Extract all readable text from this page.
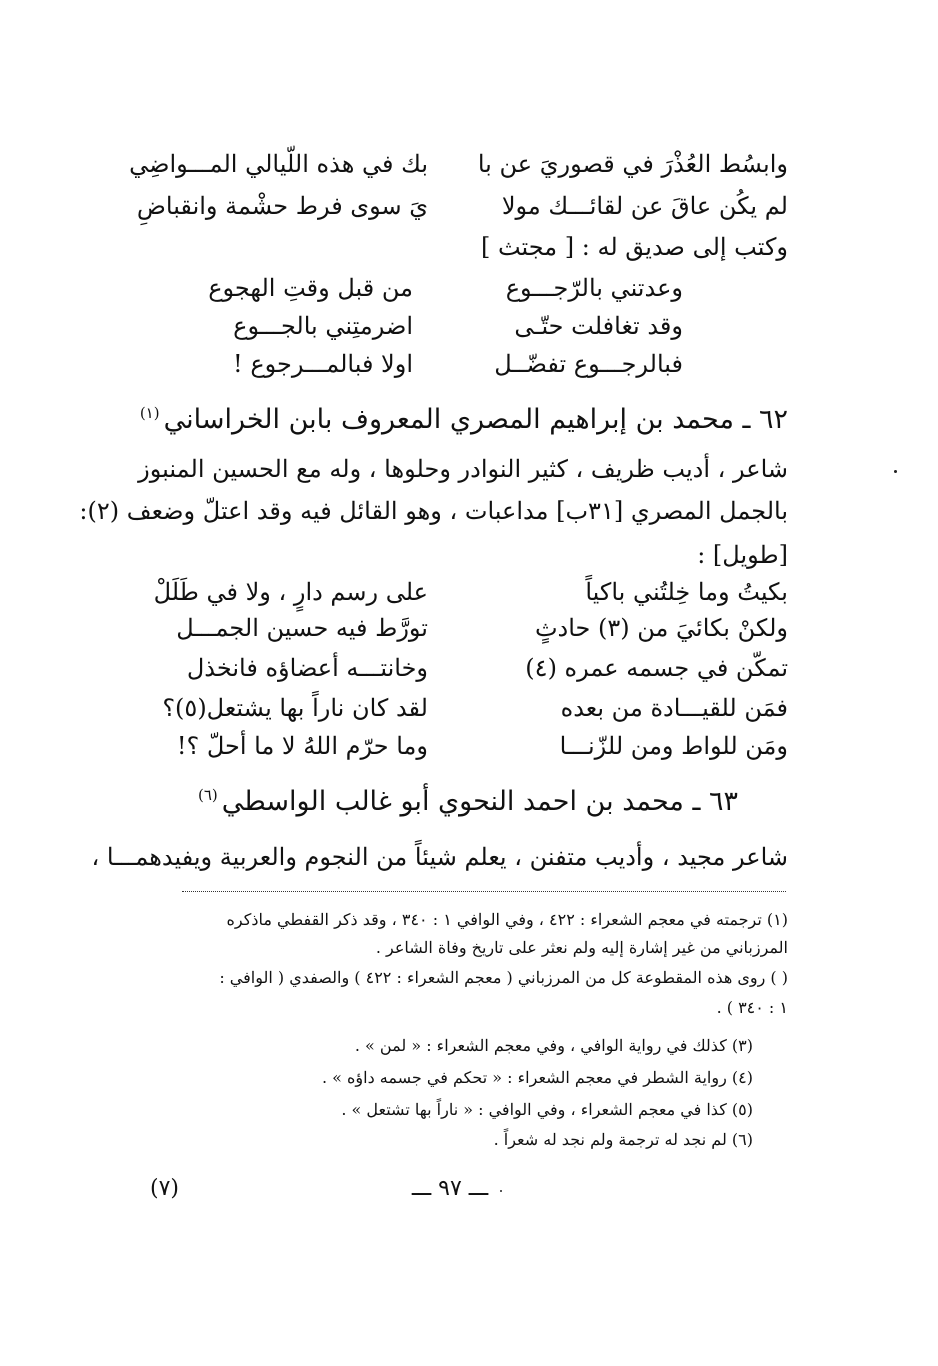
وابسُط العُذْرَ في قصوريَ عن با
بك في هذه اللّيالي المـــواضِي
لم يكُن عاقَ عن لقائـــك مولا
يَ سوى فرط حشْمة وانقباضِ
وكتب إلى صديق له : [ مجتث ]
وعدتني بالرّجـــوع
من قبل وقتِ الهجوع
وقد تغافلت حتّـى
اضرمتِني بالجـــوع
فبالرجـــوع تفضّــل
اولا فبالمـــرجوع !
٦٢ ـ محمد بن إبراهيم المصري المعروف بابن الخراساني$^{(١)}$
شاعر ، أديب ظريف ، كثير النوادر وحلوها ، وله مع الحسين المنبوز
بالجمل المصري [٣١ب] مداعبات ، وهو القائل فيه وقد اعتلّ وضعف (٢):
[طويل] :
بكيتُ وما خِلتُني باكياً
على رسم دارٍ ، ولا في طَلَلْ
ولكنْ بكائيَ من (٣) حادثٍ
تورَّط فيه حسين الجمـــل
تمكّن في جسمه عمره (٤)
وخانتـــه أعضاؤه فانخذل
فمَن للقيـــادة من بعده
لقد كان ناراً بها يشتعل(٥)؟
ومَن للواط ومن للزّنـــا
وما حرّم اللهُ لا ما أحلّ ؟!
٦٣ ـ محمد بن احمد النحوي أبو غالب الواسطي$^{(٦)}$
شاعر مجيد ، وأديب متفنن ، يعلم شيئاً من النجوم والعربية ويفيدهمـــا ،
(١) ترجمته في معجم الشعراء : ٤٢٢ ، وفي الوافي ١ : ٣٤٠ ، وقد ذكر القفطي ماذكره
المرزباني من غير إشارة إليه ولم نعثر على تاريخ وفاة الشاعر .
( ) روى هذه المقطوعة كل من المرزباني ( معجم الشعراء : ٤٢٢ ) والصفدي ( الوافي :
١ : ٣٤٠ ) .
(٣) كذلك في رواية الوافي ، وفي معجم الشعراء : « لمن » .
(٤) رواية الشطر في معجم الشعراء : « تحكم في جسمه داؤه » .
(٥) كذا في معجم الشعراء ، وفي الوافي : « ناراً بها تشتعل » .
(٦) لم نجد له ترجمة ولم نجد له شعراً .
ـــ ٩٧ ـــ
(٧)
